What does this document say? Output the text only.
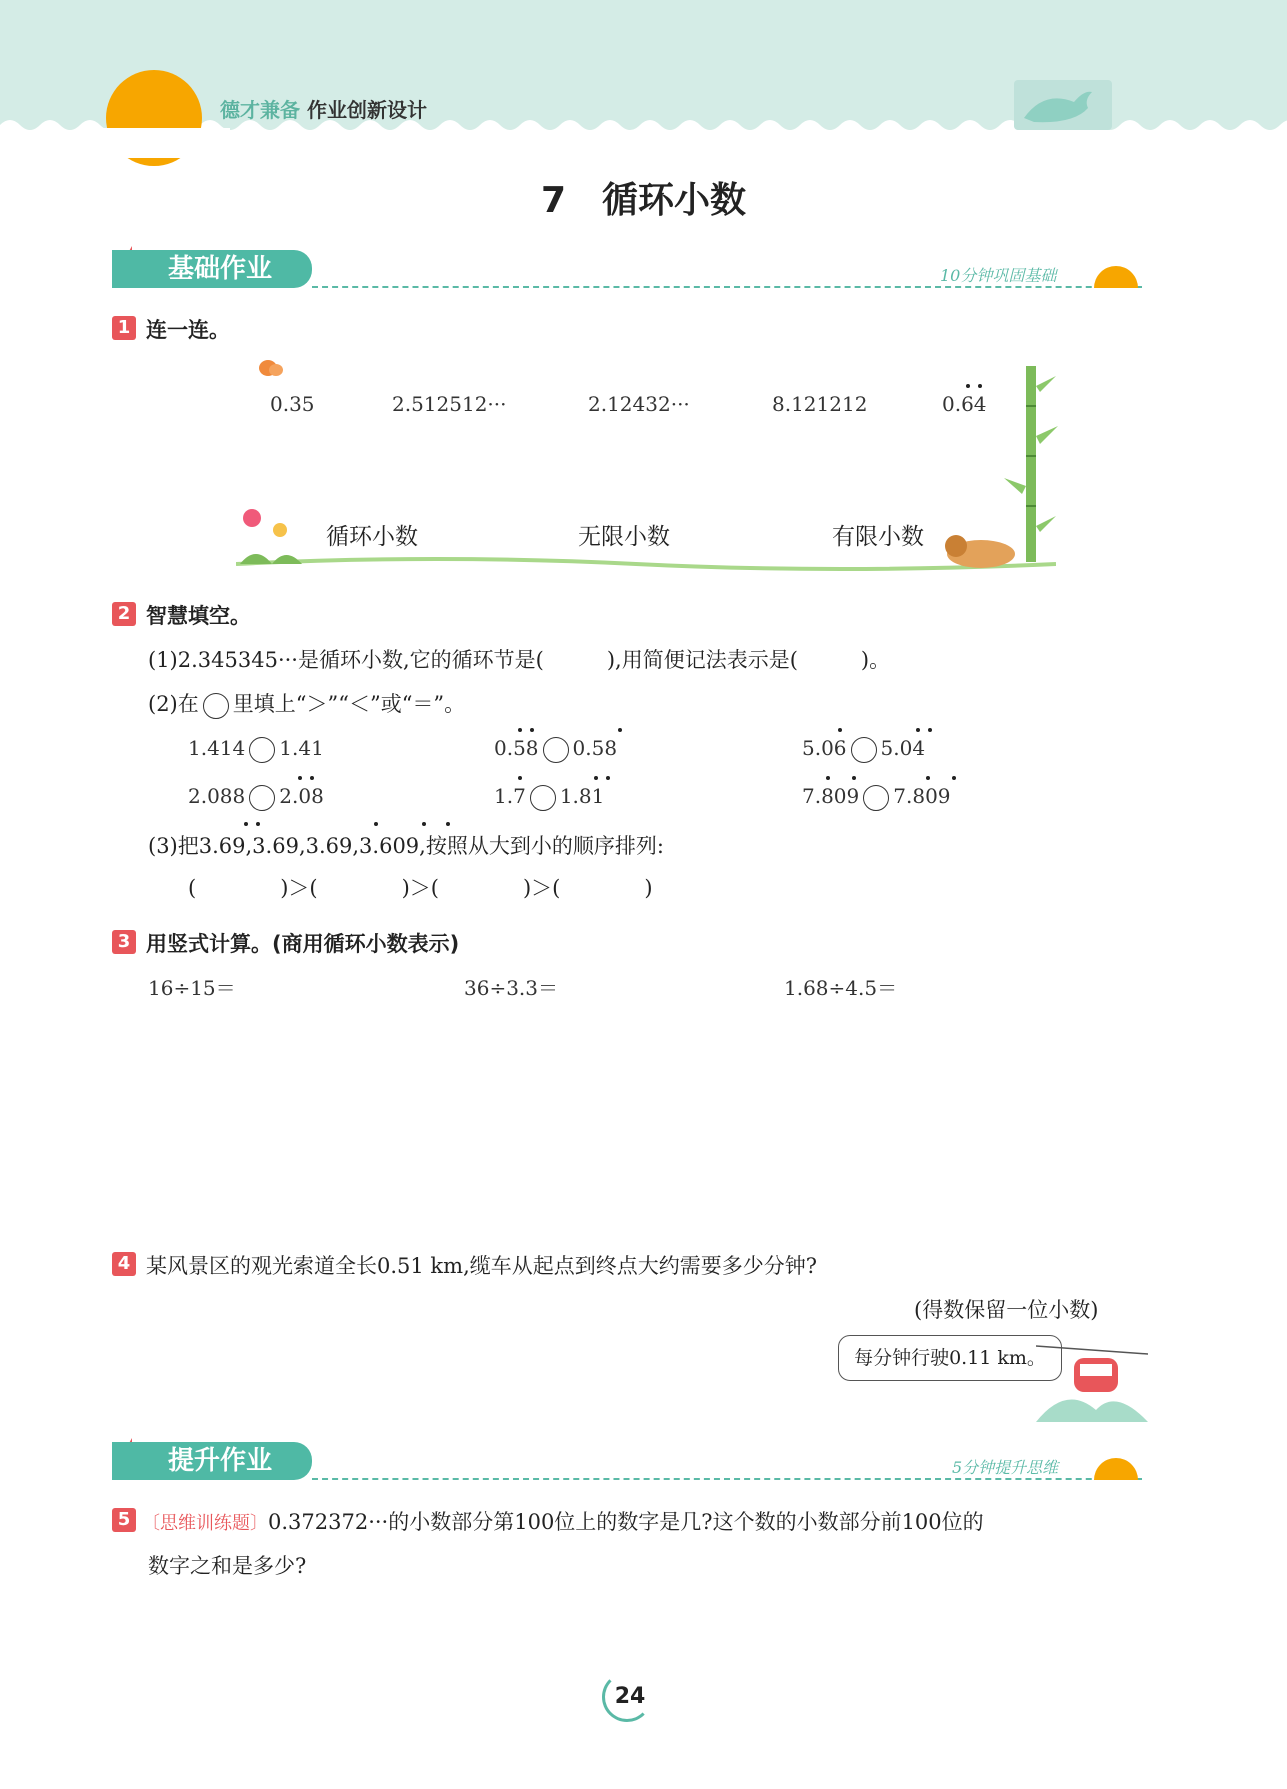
德才兼备 作业创新设计
7　循环小数
基础作业	10分钟巩固基础
1 连一连。
0.35	2.512512···	2.12432···	8.121212	0.64
循环小数	无限小数	有限小数
2 智慧填空。
(1)2.345345···是循环小数,它的循环节是(　　　),用简便记法表示是(　　　)。
(2)在 里填上“＞”“＜”或“＝”。
1.414 1.41	0.58 0.58	5.06 5.04
2.088 2.08	1.7 1.81	7.809 7.809
(3)把3.69,3.69,3.69,3.609,按照从大到小的顺序排列:
(　　　　)＞(　　　　)＞(　　　　)＞(　　　　)
3 用竖式计算。(商用循环小数表示)
16÷15＝	36÷3.3＝	1.68÷4.5＝
4 某风景区的观光索道全长0.51 km,缆车从起点到终点大约需要多少分钟?
(得数保留一位小数)
每分钟行驶0.11 km。
提升作业	5分钟提升思维
5 〔思维训练题〕0.372372···的小数部分第100位上的数字是几?这个数的小数部分前100位的
数字之和是多少?
24
